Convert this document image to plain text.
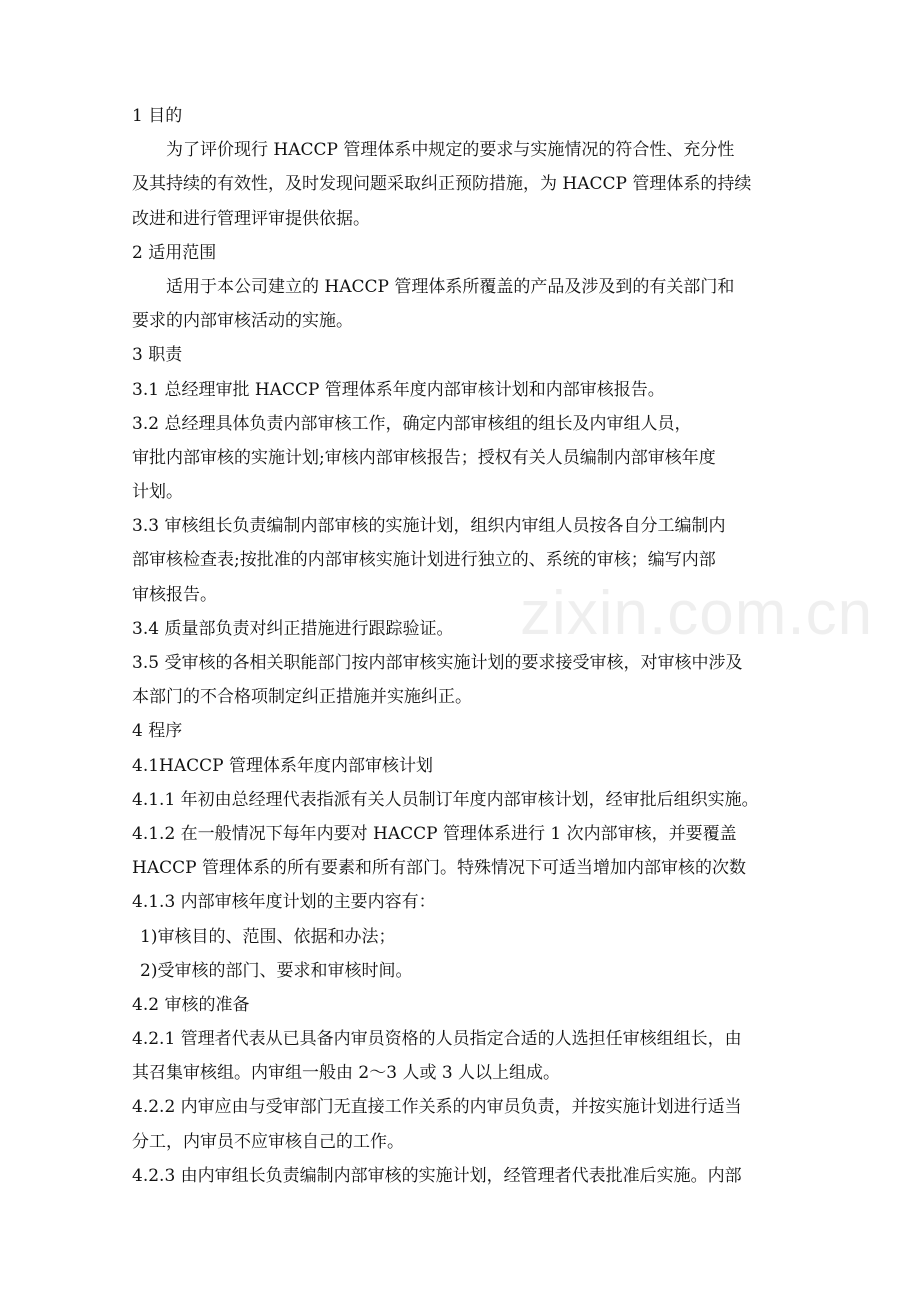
zixin.com.cn
1 目的
为了评价现行 HACCP 管理体系中规定的要求与实施情况的符合性、充分性
及其持续的有效性，及时发现问题采取纠正预防措施，为 HACCP 管理体系的持续
改进和进行管理评审提供依据。
2 适用范围
适用于本公司建立的 HACCP 管理体系所覆盖的产品及涉及到的有关部门和
要求的内部审核活动的实施。
3 职责
3.1 总经理审批 HACCP 管理体系年度内部审核计划和内部审核报告。
3.2 总经理具体负责内部审核工作，确定内部审核组的组长及内审组人员，
审批内部审核的实施计划;审核内部审核报告；授权有关人员编制内部审核年度
计划。
3.3 审核组长负责编制内部审核的实施计划，组织内审组人员按各自分工编制内
部审核检查表;按批准的内部审核实施计划进行独立的、系统的审核；编写内部
审核报告。
3.4 质量部负责对纠正措施进行跟踪验证。
3.5 受审核的各相关职能部门按内部审核实施计划的要求接受审核，对审核中涉及
本部门的不合格项制定纠正措施并实施纠正。
4 程序
4.1HACCP 管理体系年度内部审核计划
4.1.1 年初由总经理代表指派有关人员制订年度内部审核计划，经审批后组织实施。
4.1.2 在一般情况下每年内要对 HACCP 管理体系进行 1 次内部审核，并要覆盖
HACCP 管理体系的所有要素和所有部门。特殊情况下可适当增加内部审核的次数
4.1.3 内部审核年度计划的主要内容有：
1)审核目的、范围、依据和办法；
2)受审核的部门、要求和审核时间。
4.2 审核的准备
4.2.1 管理者代表从已具备内审员资格的人员指定合适的人选担任审核组组长，由
其召集审核组。内审组一般由 2～3 人或 3 人以上组成。
4.2.2 内审应由与受审部门无直接工作关系的内审员负责，并按实施计划进行适当
分工，内审员不应审核自己的工作。
4.2.3 由内审组长负责编制内部审核的实施计划，经管理者代表批准后实施。内部
